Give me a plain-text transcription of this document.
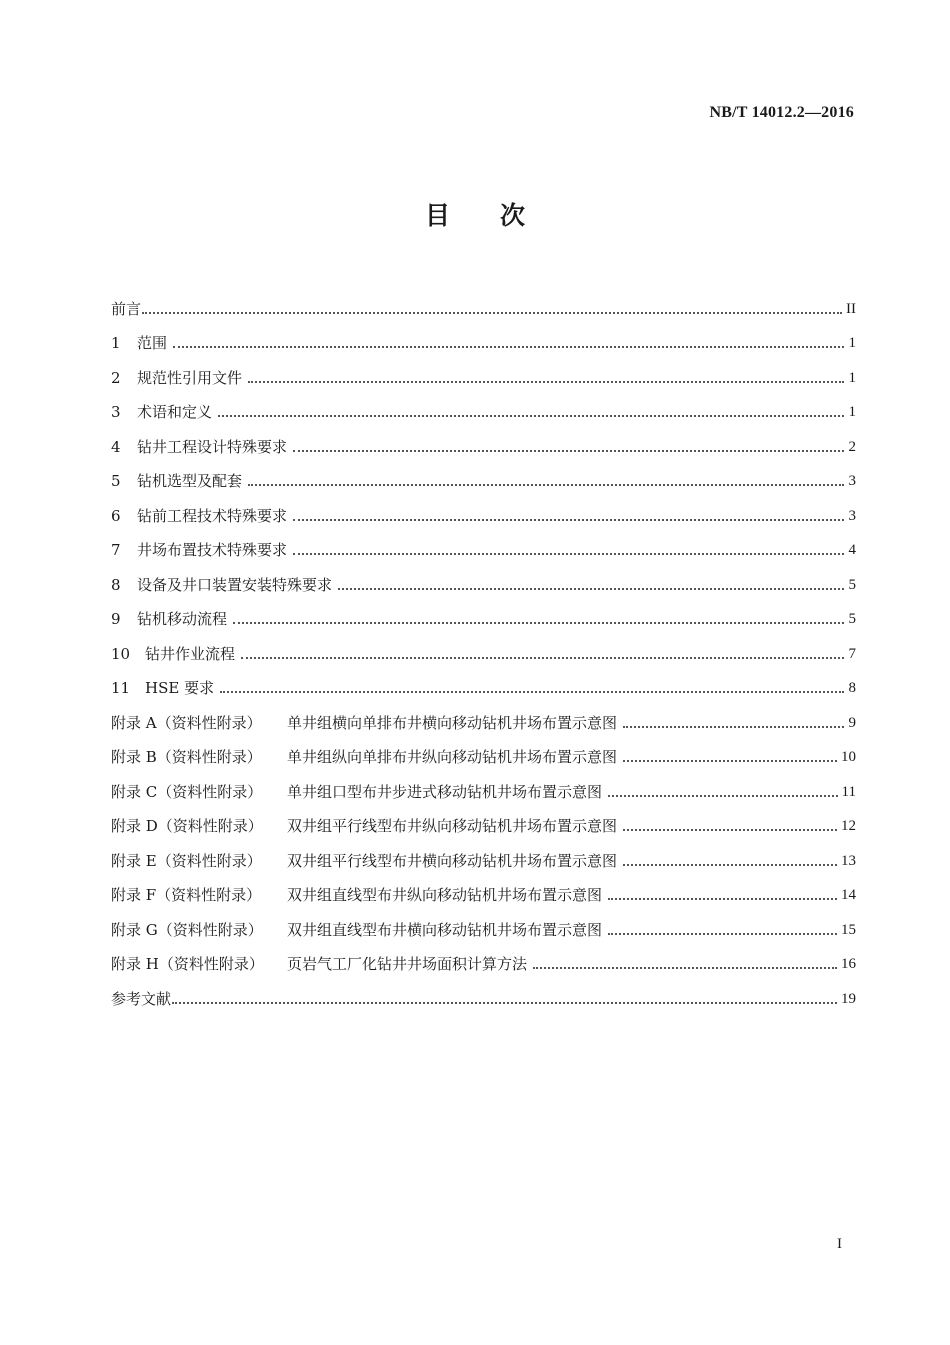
NB/T 14012.2—2016
目次
前言	II
1	范围	1
2	规范性引用文件	1
3	术语和定义	1
4	钻井工程设计特殊要求	2
5	钻机选型及配套	3
6	钻前工程技术特殊要求	3
7	井场布置技术特殊要求	4
8	设备及井口装置安装特殊要求	5
9	钻机移动流程	5
10 钻井作业流程	7
11 HSE 要求	8
附录 A（资料性附录）	单井组横向单排布井横向移动钻机井场布置示意图	9
附录 B（资料性附录）	单井组纵向单排布井纵向移动钻机井场布置示意图	10
附录 C（资料性附录）	单井组口型布井步进式移动钻机井场布置示意图	11
附录 D（资料性附录）	双井组平行线型布井纵向移动钻机井场布置示意图	12
附录 E（资料性附录）	双井组平行线型布井横向移动钻机井场布置示意图	13
附录 F（资料性附录）	双井组直线型布井纵向移动钻机井场布置示意图	14
附录 G（资料性附录）	双井组直线型布井横向移动钻机井场布置示意图	15
附录 H（资料性附录）	页岩气工厂化钻井井场面积计算方法	16
参考文献	19
I
